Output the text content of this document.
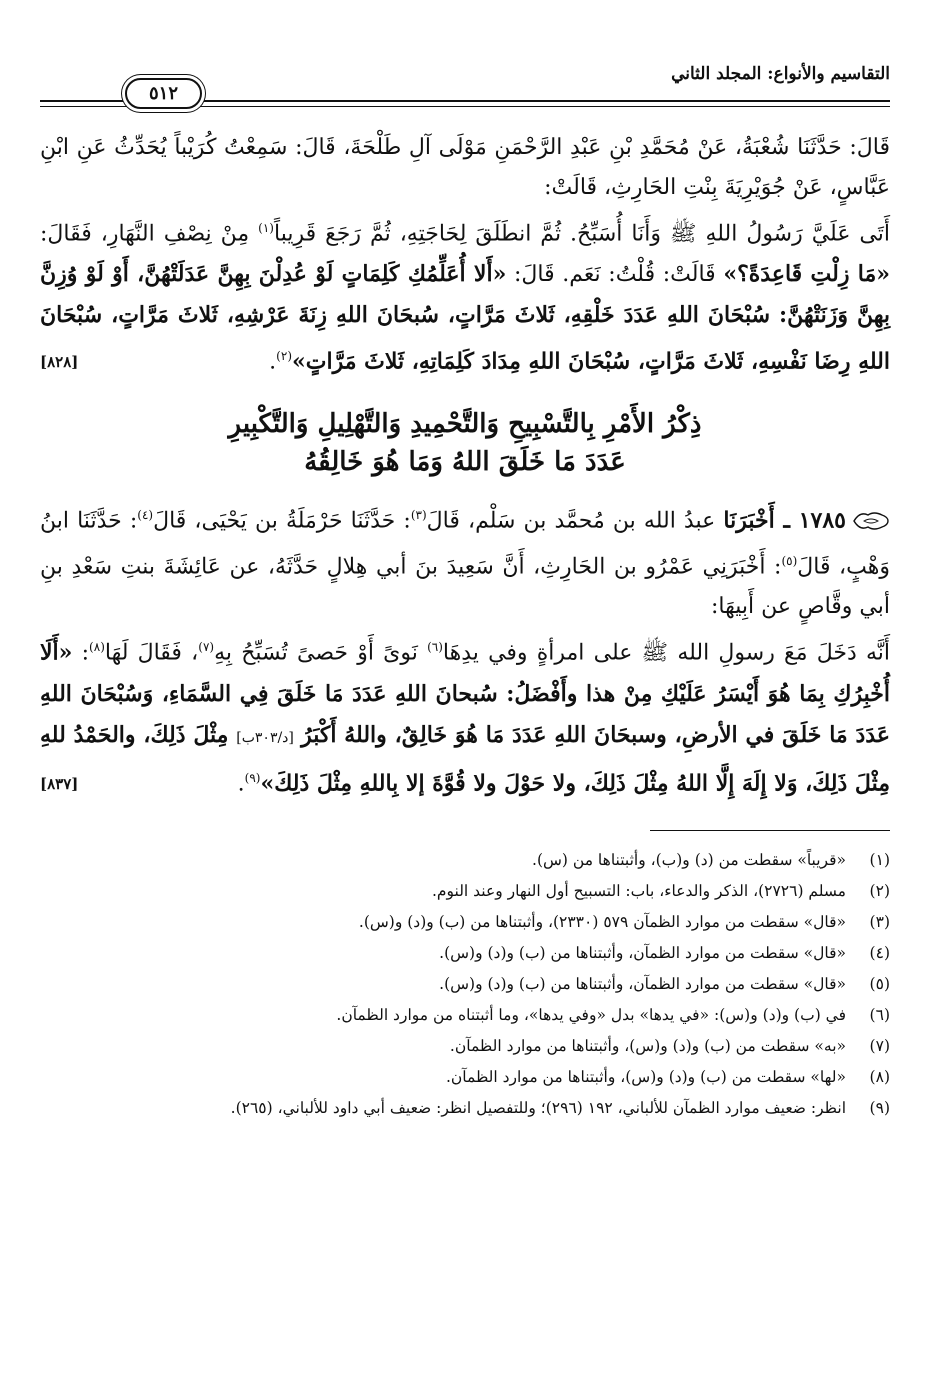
التقاسيم والأنواع: المجلد الثاني
٥١٢

قَالَ: حَدَّثَنَا شُعْبَةُ، عَنْ مُحَمَّدِ بْنِ عَبْدِ الرَّحْمَنِ مَوْلَى آلِ طَلْحَةَ، قَالَ: سَمِعْتُ كُرَيْباً يُحَدِّثُ عَنِ ابْنِ عَبَّاسٍ، عَنْ جُوَيْرِيَةَ بِنْتِ الحَارِثِ، قَالَتْ:

أَتَى عَلَيَّ رَسُولُ اللهِ ﷺ وَأَنَا أُسَبِّحُ. ثُمَّ انطَلَقَ لِحَاجَتِهِ، ثُمَّ رَجَعَ قَرِيباً$^{(١)}$ مِنْ نِصْفِ النَّهَارِ، فَقَالَ: «مَا زِلْتِ قَاعِدَةً؟» قَالَتْ: قُلْتُ: نَعَم. قَالَ: «أَلا أُعَلِّمُكِ كَلِمَاتٍ لَوْ عُدِلْنَ بِهِنَّ عَدَلَتْهُنَّ، أَوْ لَوْ وُزِنَّ بِهِنَّ وَزَنَتْهُنَّ: سُبْحَانَ اللهِ عَدَدَ خَلْقِهِ، ثَلاثَ مَرَّاتٍ، سُبحَانَ اللهِ زِنَةَ عَرْشِهِ، ثَلاثَ مَرَّاتٍ، سُبْحَانَ اللهِ رِضَا نَفْسِهِ، ثَلاثَ مَرَّاتٍ، سُبْحَانَ اللهِ مِدَادَ كَلِمَاتِهِ، ثَلاثَ مَرَّاتٍ»$^{(٢)}$.
[٨٢٨]

ذِكْرُ الأَمْرِ بِالتَّسْبِيحِ وَالتَّحْمِيدِ وَالتَّهْلِيلِ وَالتَّكْبِيرِ
عَدَدَ مَا خَلَقَ اللهُ وَمَا هُوَ خَالِقُهُ

١٧٨٥ ـ أَخْبَرَنَا عبدُ الله بن مُحمَّد بن سَلْم، قَالَ$^{(٣)}$: حَدَّثَنَا حَرْمَلَةُ بن يَحْيَى، قَالَ$^{(٤)}$: حَدَّثَنَا ابنُ وَهْبٍ، قَالَ$^{(٥)}$: أَخْبَرَنِي عَمْرُو بن الحَارِثِ، أَنَّ سَعِيدَ بنَ أبي هِلالٍ حَدَّثَهُ، عن عَائِشَةَ بنتِ سَعْدِ بنِ أبي وقَّاصٍ عن أَبِيهَا:

أَنَّه دَخَلَ مَعَ رسولِ الله ﷺ على امرأةٍ وفي يدِهَا$^{(٦)}$ نَوىً أَوْ حَصىً تُسَبِّحُ بِهِ$^{(٧)}$، فَقَالَ لَهَا$^{(٨)}$: «أَلَا أُخْبِرُكِ بِمَا هُوَ أَيْسَرُ عَلَيْكِ مِنْ هذا وأَفْضَلُ: سُبحانَ اللهِ عَدَدَ مَا خَلَقَ فِي السَّمَاءِ، وَسُبْحَانَ اللهِ عَدَدَ مَا خَلَقَ في الأرضِ، وسبحَانَ اللهِ عَدَدَ مَا هُوَ خَالِقٌ، واللهُ أَكْبَرُ [د/٣٠٣ب] مِثْلَ ذَلِكَ، والحَمْدُ للهِ مِثْلَ ذَلِكَ، وَلا إِلَهَ إِلَّا اللهُ مِثْلَ ذَلِكَ، ولا حَوْلَ ولا قُوَّةَ إلا بِاللهِ مِثْلَ ذَلِكَ»$^{(٩)}$.
[٨٣٧]

(١)
«قريباً» سقطت من (د) و(ب)، وأثبتناها من (س).
(٢)
مسلم (٢٧٢٦)، الذكر والدعاء، باب: التسبيح أول النهار وعند النوم.
(٣)
«قال» سقطت من موارد الظمآن ٥٧٩ (٢٣٣٠)، وأثبتناها من (ب) و(د) و(س).
(٤)
«قال» سقطت من موارد الظمآن، وأثبتناها من (ب) و(د) و(س).
(٥)
«قال» سقطت من موارد الظمآن، وأثبتناها من (ب) و(د) و(س).
(٦)
في (ب) و(د) و(س): «في يدها» بدل «وفي يدها»، وما أثبتناه من موارد الظمآن.
(٧)
«به» سقطت من (ب) و(د) و(س)، وأثبتناها من موارد الظمآن.
(٨)
«لها» سقطت من (ب) و(د) و(س)، وأثبتناها من موارد الظمآن.
(٩)
انظر: ضعيف موارد الظمآن للألباني، ١٩٢ (٢٩٦)؛ وللتفصيل انظر: ضعيف أبي داود للألباني، (٢٦٥).
